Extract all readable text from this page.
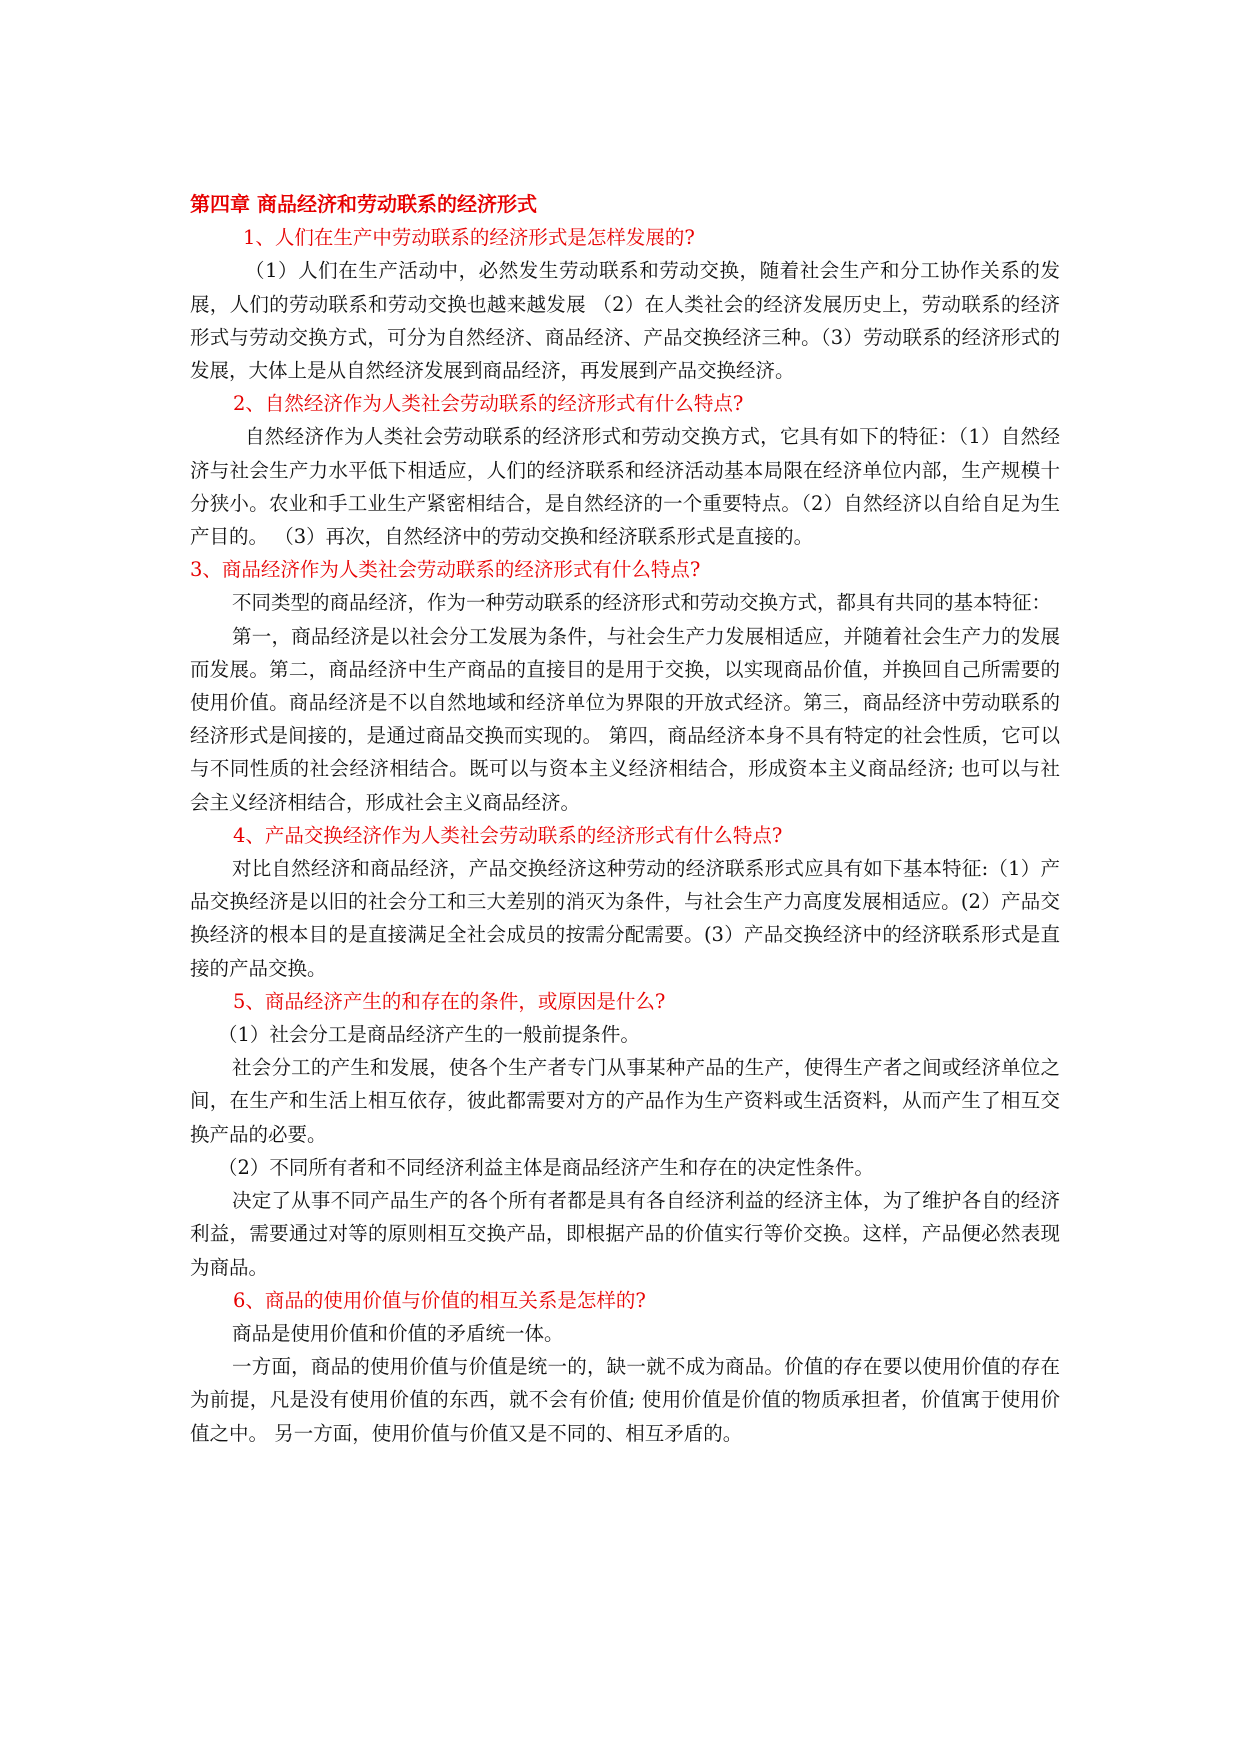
第四章 商品经济和劳动联系的经济形式

1、人们在生产中劳动联系的经济形式是怎样发展的?

（1）人们在生产活动中，必然发生劳动联系和劳动交换，随着社会生产和分工协作关系的发展，人们的劳动联系和劳动交换也越来越发展 （2）在人类社会的经济发展历史上，劳动联系的经济形式与劳动交换方式，可分为自然经济、商品经济、产品交换经济三种。（3）劳动联系的经济形式的发展，大体上是从自然经济发展到商品经济，再发展到产品交换经济。

2、自然经济作为人类社会劳动联系的经济形式有什么特点?

自然经济作为人类社会劳动联系的经济形式和劳动交换方式，它具有如下的特征：（1）自然经济与社会生产力水平低下相适应，人们的经济联系和经济活动基本局限在经济单位内部，生产规模十分狭小。农业和手工业生产紧密相结合，是自然经济的一个重要特点。（2）自然经济以自给自足为生产目的。 （3）再次，自然经济中的劳动交换和经济联系形式是直接的。

3、商品经济作为人类社会劳动联系的经济形式有什么特点?

不同类型的商品经济，作为一种劳动联系的经济形式和劳动交换方式，都具有共同的基本特征：

第一，商品经济是以社会分工发展为条件，与社会生产力发展相适应，并随着社会生产力的发展而发展。第二，商品经济中生产商品的直接目的是用于交换，以实现商品价值，并换回自己所需要的使用价值。商品经济是不以自然地域和经济单位为界限的开放式经济。第三，商品经济中劳动联系的经济形式是间接的，是通过商品交换而实现的。 第四，商品经济本身不具有特定的社会性质，它可以与不同性质的社会经济相结合。既可以与资本主义经济相结合，形成资本主义商品经济; 也可以与社会主义经济相结合，形成社会主义商品经济。

4、产品交换经济作为人类社会劳动联系的经济形式有什么特点?

对比自然经济和商品经济，产品交换经济这种劳动的经济联系形式应具有如下基本特征:（1）产品交换经济是以旧的社会分工和三大差别的消灭为条件，与社会生产力高度发展相适应。(2）产品交换经济的根本目的是直接满足全社会成员的按需分配需要。(3）产品交换经济中的经济联系形式是直接的产品交换。

5、商品经济产生的和存在的条件，或原因是什么?

（1）社会分工是商品经济产生的一般前提条件。

社会分工的产生和发展，使各个生产者专门从事某种产品的生产，使得生产者之间或经济单位之间，在生产和生活上相互依存，彼此都需要对方的产品作为生产资料或生活资料，从而产生了相互交换产品的必要。

（2）不同所有者和不同经济利益主体是商品经济产生和存在的决定性条件。

决定了从事不同产品生产的各个所有者都是具有各自经济利益的经济主体，为了维护各自的经济利益，需要通过对等的原则相互交换产品，即根据产品的价值实行等价交换。这样，产品便必然表现为商品。

6、商品的使用价值与价值的相互关系是怎样的?

商品是使用价值和价值的矛盾统一体。

一方面，商品的使用价值与价值是统一的，缺一就不成为商品。价值的存在要以使用价值的存在为前提，凡是没有使用价值的东西，就不会有价值; 使用价值是价值的物质承担者，价值寓于使用价值之中。 另一方面，使用价值与价值又是不同的、相互矛盾的。
